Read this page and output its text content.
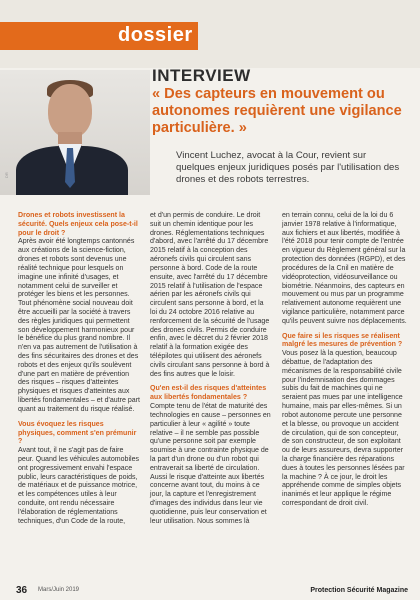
dossier
DR
INTERVIEW
« Des capteurs en mouvement ou autonomes requièrent une vigilance particulière. »
Vincent Luchez, avocat à la Cour, revient sur quelques enjeux juridiques posés par l'utilisation des drones et des robots terrestres.

Drones et robots investissent la sécurité. Quels enjeux cela pose-t-il pour le droit ?

Après avoir été longtemps cantonnés aux créations de la science-fiction, drones et robots sont devenus une réalité technique pour lesquels on imagine une infinité d'usages, et notamment celui de surveiller et protéger les biens et les personnes. Tout phénomène social nouveau doit être accueilli par la société à travers des règles juridiques qui permettent son développement harmonieux pour le bénéfice du plus grand nombre. Il n'en va pas autrement de l'utilisation à des fins sécuritaires des drones et des robots et des enjeux qu'ils soulèvent d'une part en matière de prévention des risques – risques d'atteintes physiques et risques d'atteintes aux libertés fondamentales – et d'autre part quant au traitement du risque réalisé.

Vous évoquez les risques physiques, comment s'en prémunir ?

Avant tout, il ne s'agit pas de faire peur. Quand les véhicules automobiles ont progressivement envahi l'espace public, leurs caractéristiques de poids, de matériaux et de puissance motrice, et les compétences utiles à leur conduite, ont rendu nécessaire l'élaboration de réglementations techniques, d'un Code de la route,

et d'un permis de conduire. Le droit suit un chemin identique pour les drones. Réglementations techniques d'abord, avec l'arrêté du 17 décembre 2015 relatif à la conception des aéronefs civils qui circulent sans personne à bord. Code de la route ensuite, avec l'arrêté du 17 décembre 2015 relatif à l'utilisation de l'espace aérien par les aéronefs civils qui circulent sans personne à bord, et la loi du 24 octobre 2016 relative au renforcement de la sécurité de l'usage des drones civils. Permis de conduire enfin, avec le décret du 2 février 2018 relatif à la formation exigée des télépilotes qui utilisent des aéronefs civils circulant sans personne à bord à des fins autres que le loisir.

Qu'en est-il des risques d'atteintes aux libertés fondamentales ?

Compte tenu de l'état de maturité des technologies en cause – personnes en particulier à leur « agilité » toute relative – il ne semble pas possible qu'une personne soit par exemple soumise à une contrainte physique de la part d'un drone ou d'un robot qui entraverait sa liberté de circulation. Aussi le risque d'atteinte aux libertés concerne avant tout, du moins à ce jour, la capture et l'enregistrement d'images des individus dans leur vie quotidienne, puis leur conservation et leur utilisation. Nous sommes là

en terrain connu, celui de la loi du 6 janvier 1978 relative à l'informatique, aux fichiers et aux libertés, modifiée à l'été 2018 pour tenir compte de l'entrée en vigueur du Règlement général sur la protection des données (RGPD), et des procédures de la Cnil en matière de vidéoprotection, vidéosurveillance ou biométrie. Néanmoins, des capteurs en mouvement ou mus par un programme relativement autonome requièrent une vigilance particulière, notamment parce qu'ils peuvent suivre nos déplacements.

Que faire si les risques se réalisent malgré les mesures de prévention ?

Vous posez là la question, beaucoup débattue, de l'adaptation des mécanismes de la responsabilité civile pour l'indemnisation des dommages subis du fait de machines qui ne seraient pas mues par une intelligence humaine, mais par elles-mêmes. Si un robot autonome percute une personne et la blesse, ou provoque un accident de circulation, qui de son concepteur, de son constructeur, de son exploitant ou de leurs assureurs, devra supporter la charge financière des réparations dues à toutes les personnes lésées par la machine ? À ce jour, le droit les appréhende comme de simples objets inanimés et leur applique le régime correspondant de droit civil.

36 Mars/Juin 2019	Protection Sécurité Magazine
